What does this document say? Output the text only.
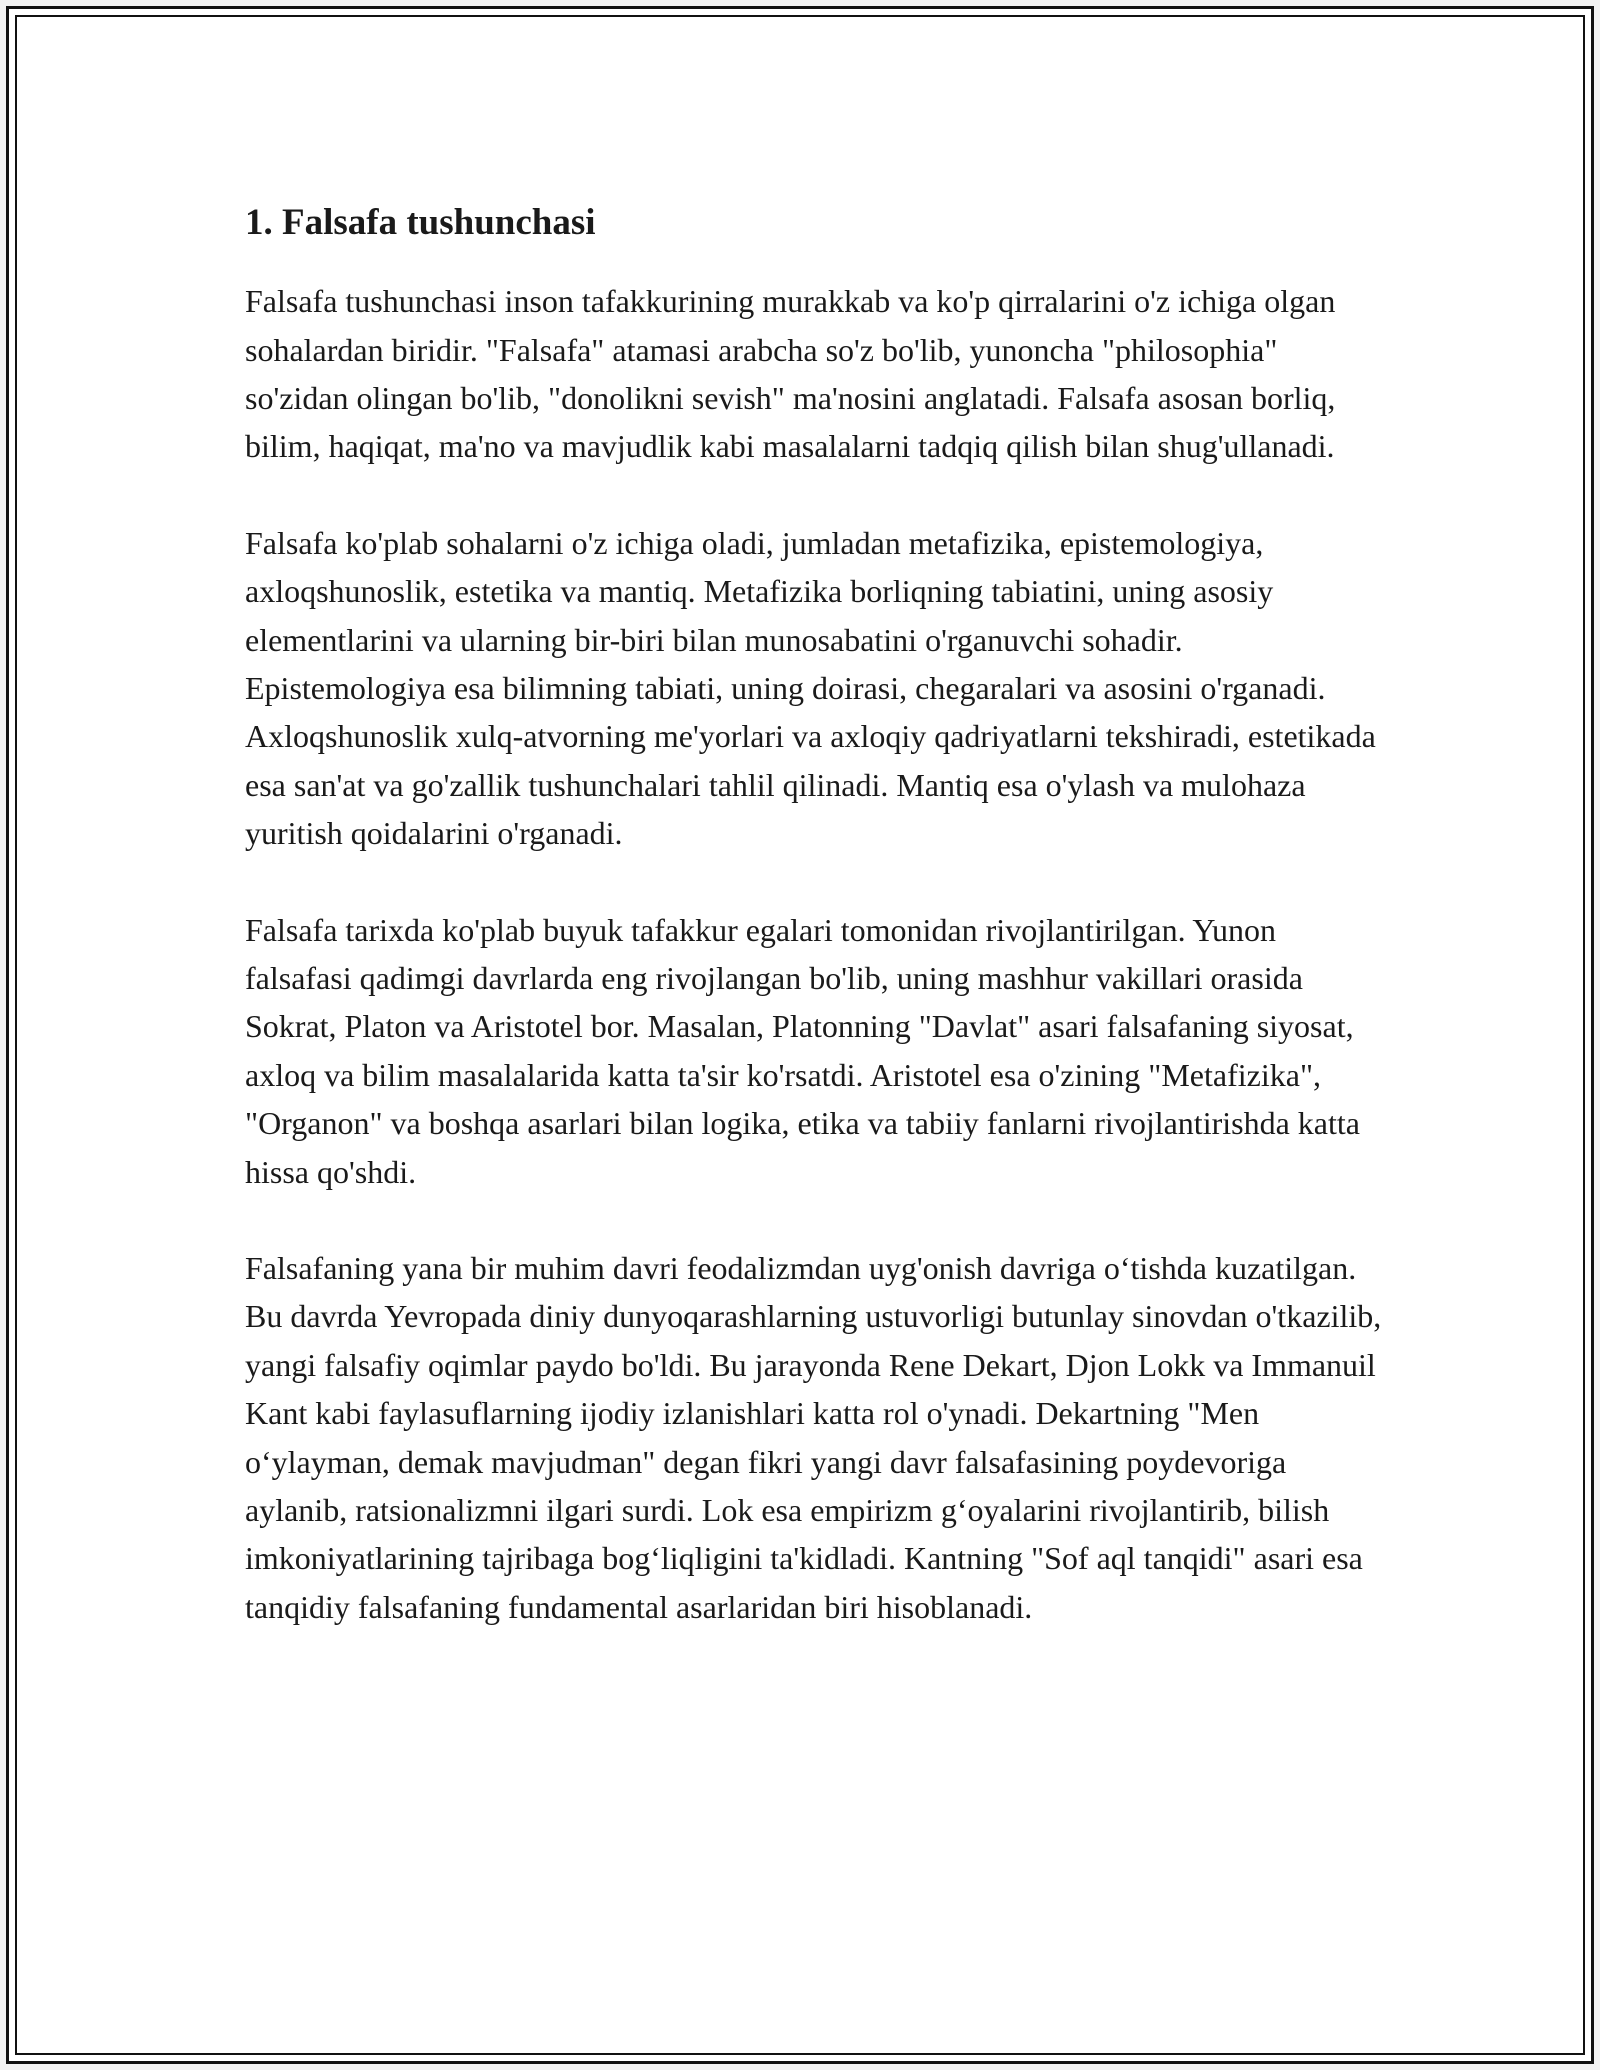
1. Falsafa tushunchasi

Falsafa tushunchasi inson tafakkurining murakkab va ko'p qirralarini o'z ichiga olgan sohalardan biridir. "Falsafa" atamasi arabcha so'z bo'lib, yunoncha "philosophia" so'zidan olingan bo'lib, "donolikni sevish" ma'nosini anglatadi. Falsafa asosan borliq, bilim, haqiqat, ma'no va mavjudlik kabi masalalarni tadqiq qilish bilan shug'ullanadi.

Falsafa ko'plab sohalarni o'z ichiga oladi, jumladan metafizika, epistemologiya, axloqshunoslik, estetika va mantiq. Metafizika borliqning tabiatini, uning asosiy elementlarini va ularning bir-biri bilan munosabatini o'rganuvchi sohadir. Epistemologiya esa bilimning tabiati, uning doirasi, chegaralari va asosini o'rganadi. Axloqshunoslik xulq-atvorning me'yorlari va axloqiy qadriyatlarni tekshiradi, estetikada esa san'at va go'zallik tushunchalari tahlil qilinadi. Mantiq esa o'ylash va mulohaza yuritish qoidalarini o'rganadi.

Falsafa tarixda ko'plab buyuk tafakkur egalari tomonidan rivojlantirilgan. Yunon falsafasi qadimgi davrlarda eng rivojlangan bo'lib, uning mashhur vakillari orasida Sokrat, Platon va Aristotel bor. Masalan, Platonning "Davlat" asari falsafaning siyosat, axloq va bilim masalalarida katta ta'sir ko'rsatdi. Aristotel esa o'zining "Metafizika", "Organon" va boshqa asarlari bilan logika, etika va tabiiy fanlarni rivojlantirishda katta hissa qo'shdi.

Falsafaning yana bir muhim davri feodalizmdan uyg'onish davriga o‘tishda kuzatilgan. Bu davrda Yevropada diniy dunyoqarashlarning ustuvorligi butunlay sinovdan o'tkazilib, yangi falsafiy oqimlar paydo bo'ldi. Bu jarayonda Rene Dekart, Djon Lokk va Immanuil Kant kabi faylasuflarning ijodiy izlanishlari katta rol o'ynadi. Dekartning "Men o‘ylayman, demak mavjudman" degan fikri yangi davr falsafasining poydevoriga aylanib, ratsionalizmni ilgari surdi. Lok esa empirizm g‘oyalarini rivojlantirib, bilish imkoniyatlarining tajribaga bog‘liqligini ta'kidladi. Kantning "Sof aql tanqidi" asari esa tanqidiy falsafaning fundamental asarlaridan biri hisoblanadi.
